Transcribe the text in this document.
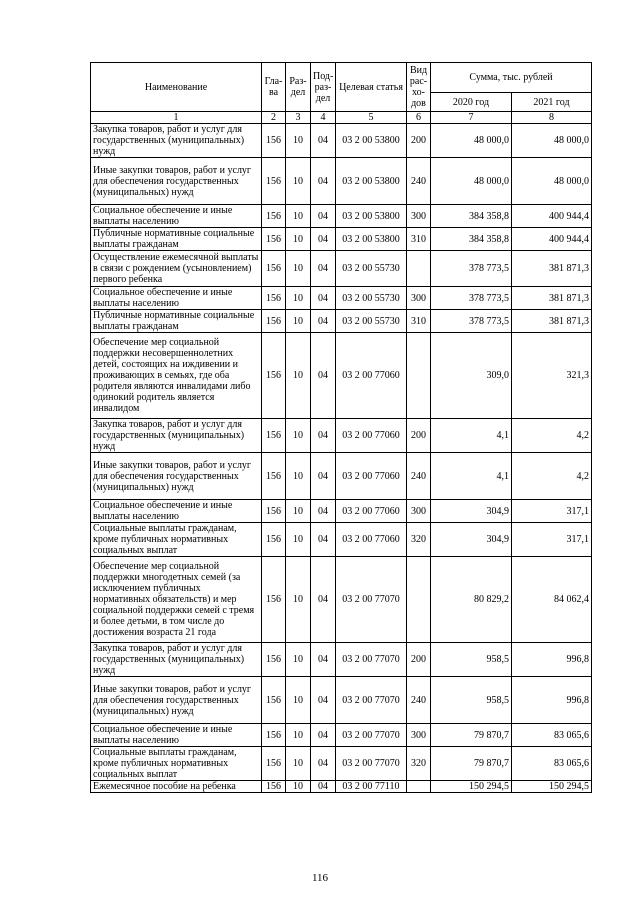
Наименование	Гла-ва	Раз-дел	Под-раз-дел	Целевая статья	Вид рас-хо-дов	Сумма, тыс. рублей	
						2020 год	2021 год
1	2	3	4	5	6	7	8
Закупка товаров, работ и услуг для государственных (муниципальных) нужд	156	10	04	03 2 00 53800	200	48 000,0	48 000,0
Иные закупки товаров, работ и услуг для обеспечения государственных (муниципальных) нужд	156	10	04	03 2 00 53800	240	48 000,0	48 000,0
Социальное обеспечение и иные выплаты населению	156	10	04	03 2 00 53800	300	384 358,8	400 944,4
Публичные нормативные социальные выплаты гражданам	156	10	04	03 2 00 53800	310	384 358,8	400 944,4
Осуществление ежемесячной выплаты в связи с рождением (усыновлением) первого ребенка	156	10	04	03 2 00 55730		378 773,5	381 871,3
Социальное обеспечение и иные выплаты населению	156	10	04	03 2 00 55730	300	378 773,5	381 871,3
Публичные нормативные социальные выплаты гражданам	156	10	04	03 2 00 55730	310	378 773,5	381 871,3
Обеспечение мер социальной поддержки несовершеннолетних детей, состоящих на иждивении и проживающих в семьях, где оба родителя являются инвалидами либо одинокий родитель является инвалидом	156	10	04	03 2 00 77060		309,0	321,3
Закупка товаров, работ и услуг для государственных (муниципальных) нужд	156	10	04	03 2 00 77060	200	4,1	4,2
Иные закупки товаров, работ и услуг для обеспечения государственных (муниципальных) нужд	156	10	04	03 2 00 77060	240	4,1	4,2
Социальное обеспечение и иные выплаты населению	156	10	04	03 2 00 77060	300	304,9	317,1
Социальные выплаты гражданам, кроме публичных нормативных социальных выплат	156	10	04	03 2 00 77060	320	304,9	317,1
Обеспечение мер социальной поддержки многодетных семей (за исключением публичных нормативных обязательств) и мер социальной поддержки семей с тремя и более детьми, в том числе до достижения возраста 21 года	156	10	04	03 2 00 77070		80 829,2	84 062,4
Закупка товаров, работ и услуг для государственных (муниципальных) нужд	156	10	04	03 2 00 77070	200	958,5	996,8
Иные закупки товаров, работ и услуг для обеспечения государственных (муниципальных) нужд	156	10	04	03 2 00 77070	240	958,5	996,8
Социальное обеспечение и иные выплаты населению	156	10	04	03 2 00 77070	300	79 870,7	83 065,6
Социальные выплаты гражданам, кроме публичных нормативных социальных выплат	156	10	04	03 2 00 77070	320	79 870,7	83 065,6
Ежемесячное пособие на ребенка	156	10	04	03 2 00 77110		150 294,5	150 294,5
116
